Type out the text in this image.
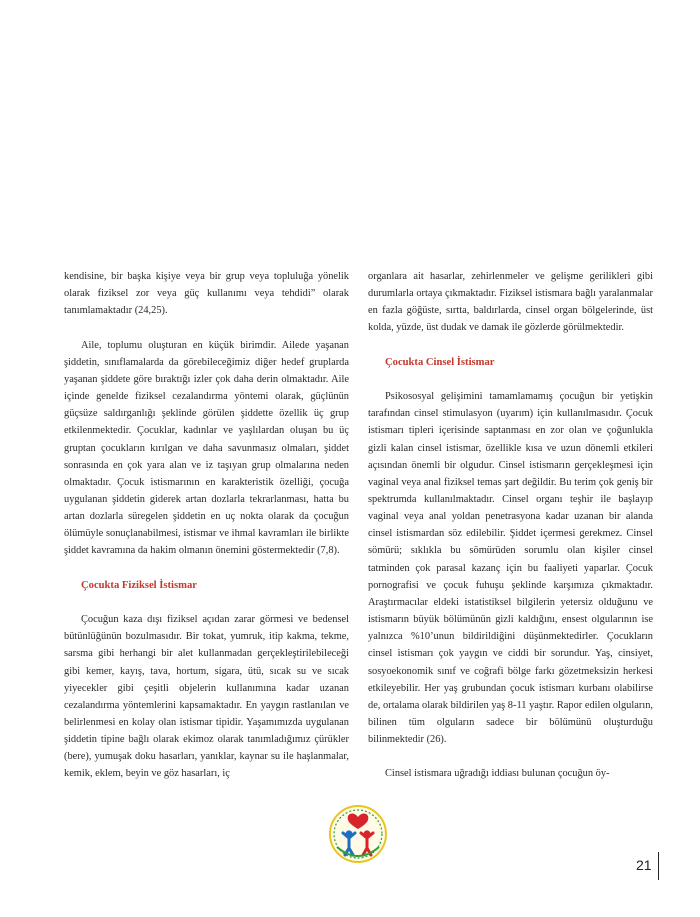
kendisine, bir başka kişiye veya bir grup veya topluluğa yönelik olarak fiziksel zor veya güç kullanımı veya tehdidi” olarak tanımlamaktadır (24,25).

Aile, toplumu oluşturan en küçük birimdir. Ailede yaşanan şiddetin, sınıflamalarda da görebileceğimiz diğer hedef gruplarda yaşanan şiddete göre bıraktığı izler çok daha derin olmaktadır. Aile içinde genelde fiziksel cezalandırma yöntemi olarak, güçlünün güçsüze saldırganlığı şeklinde görülen şiddette özellik üç grup etkilenmektedir. Çocuklar, kadınlar ve yaşlılardan oluşan bu üç gruptan çocukların kırılgan ve daha savunmasız olmaları, şiddet sonrasında en çok yara alan ve iz taşıyan grup olmalarına neden olmaktadır. Çocuk istismarının en karakteristik özelliği, çocuğa uygulanan şiddetin giderek artan dozlarla tekrarlanması, hatta bu artan dozlarla süregelen şiddetin en uç nokta olarak da çocuğun ölümüyle sonuçlanabilmesi, istismar ve ihmal kavramları ile birlikte şiddet kavramına da hakim olmanın önemini göstermektedir (7,8).

Çocukta Fiziksel İstismar

Çocuğun kaza dışı fiziksel açıdan zarar görmesi ve bedensel bütünlüğünün bozulmasıdır. Bir tokat, yumruk, itip kakma, tekme, sarsma gibi herhangi bir alet kullanmadan gerçekleştirilebileceği gibi kemer, kayış, tava, hortum, sigara, ütü, sıcak su ve sıcak yiyecekler gibi çeşitli objelerin kullanımına kadar uzanan cezalandırma yöntemlerini kapsamaktadır. En yaygın rastlanılan ve belirlenmesi en kolay olan istismar tipidir. Yaşamımızda uygulanan şiddetin tipine bağlı olarak ekimoz olarak tanımladığımız çürükler (bere), yumuşak doku hasarları, yanıklar, kaynar su ile haşlanmalar, kemik, eklem, beyin ve göz hasarları, iç

organlara ait hasarlar, zehirlenmeler ve gelişme gerilikleri gibi durumlarla ortaya çıkmaktadır. Fiziksel istismara bağlı yaralanmalar en fazla göğüste, sırtta, baldırlarda, cinsel organ bölgelerinde, üst kolda, yüzde, üst dudak ve damak ile gözlerde görülmektedir.

Çocukta Cinsel İstismar

Psikososyal gelişimini tamamlamamış çocuğun bir yetişkin tarafından cinsel stimulasyon (uyarım) için kullanılmasıdır. Çocuk istismarı tipleri içerisinde saptanması en zor olan ve çoğunlukla gizli kalan cinsel istismar, özellikle kısa ve uzun dönemli etkileri açısından önemli bir olgudur. Cinsel istismarın gerçekleşmesi için vaginal veya anal fiziksel temas şart değildir. Bu terim çok geniş bir spektrumda kullanılmaktadır. Cinsel organı teşhir ile başlayıp vaginal veya anal yoldan penetrasyona kadar uzanan bir alanda cinsel istismardan söz edilebilir. Şiddet içermesi gerekmez. Cinsel sömürü; sıklıkla bu sömürüden sorumlu olan kişiler cinsel tatminden çok parasal kazanç için bu faaliyeti yaparlar. Çocuk pornografisi ve çocuk fuhuşu şeklinde karşımıza çıkmaktadır. Araştırmacılar eldeki istatistiksel bilgilerin yetersiz olduğunu ve istismarın büyük bölümünün gizli kaldığını, ensest olgularının ise yalnızca %10’unun bildirildiğini düşünmektedirler. Çocukların cinsel istismarı çok yaygın ve ciddi bir sorundur. Yaş, cinsiyet, sosyoekonomik sınıf ve coğrafi bölge farkı gözetmeksizin herkesi etkileyebilir. Her yaş grubundan çocuk istismarı kurbanı olabilirse de, ortalama olarak bildirilen yaş 8-11 yaştır. Rapor edilen olguların, bilinen tüm olguların sadece bir bölümünü oluşturduğu bilinmektedir (26).

Cinsel istismara uğradığı iddiası bulunan çocuğun öy-

21
